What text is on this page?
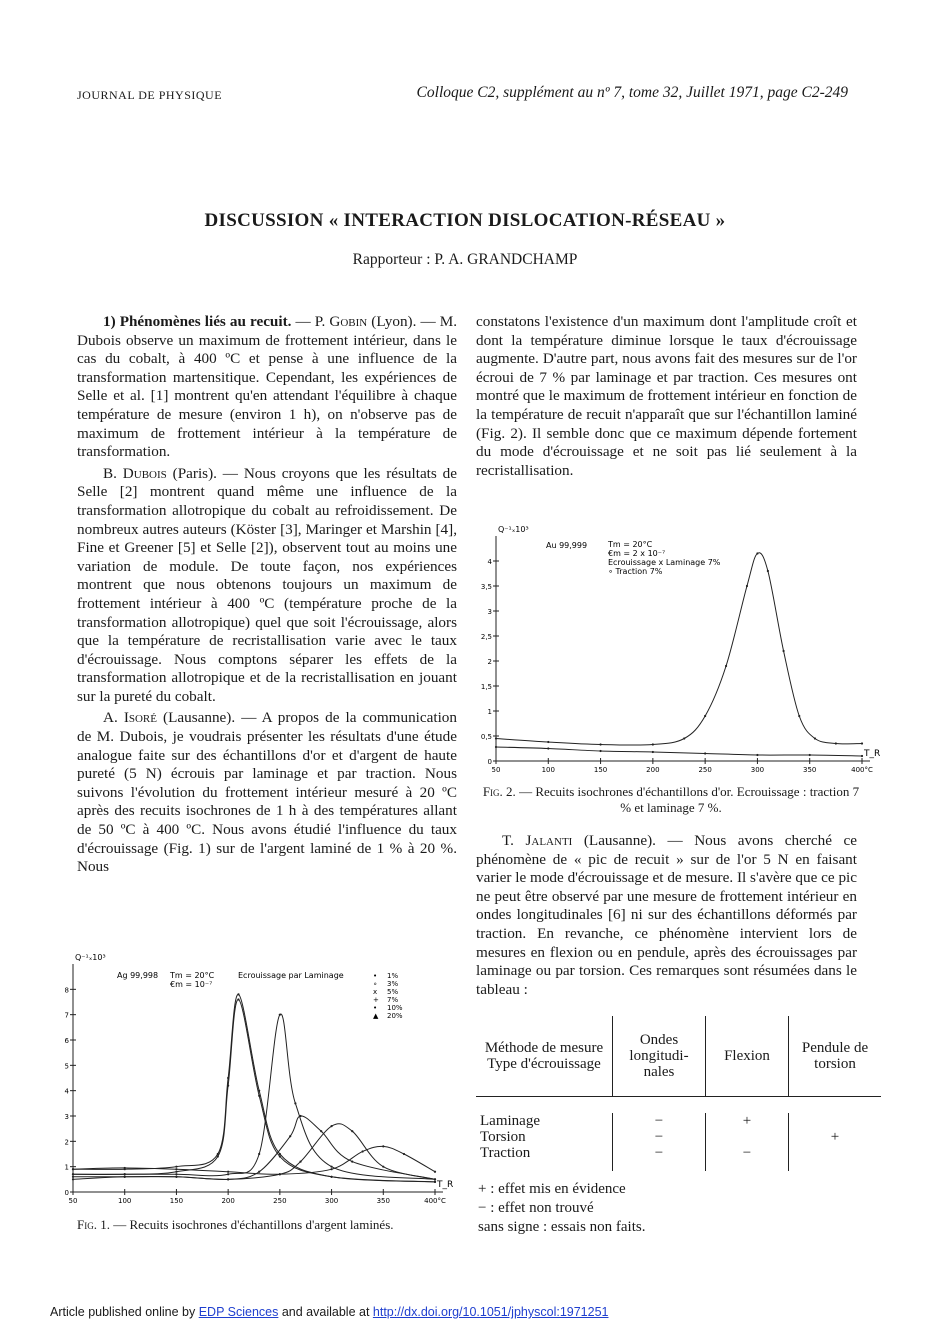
JOURNAL DE PHYSIQUE	Colloque C2, supplément au nº 7, tome 32, Juillet 1971, page C2-249
DISCUSSION « INTERACTION DISLOCATION-RÉSEAU »
Rapporteur : P. A. GRANDCHAMP

1) Phénomènes liés au recuit. — P. Gobin (Lyon). — M. Dubois observe un maximum de frottement intérieur, dans le cas du cobalt, à 400 ºC et pense à une influence de la transformation martensitique. Cependant, les expériences de Selle et al. [1] montrent qu'en attendant l'équilibre à chaque température de mesure (environ 1 h), on n'observe pas de maximum de frottement intérieur à la température de transformation.

B. Dubois (Paris). — Nous croyons que les résultats de Selle [2] montrent quand même une influence de la transformation allotropique du cobalt au refroidissement. De nombreux autres auteurs (Köster [3], Maringer et Marshin [4], Fine et Greener [5] et Selle [2]), observent tout au moins une variation de module. De toute façon, nos expériences montrent que nous obtenons toujours un maximum de frottement intérieur à 400 ºC (température proche de la transformation allotropique) quel que soit l'écrouissage, alors que la température de recristallisation varie avec le taux d'écrouissage. Nous comptons séparer les effets de la transformation allotropique et de la recristallisation en jouant sur la pureté du cobalt.

A. Isoré (Lausanne). — A propos de la communication de M. Dubois, je voudrais présenter les résultats d'une étude analogue faite sur des échantillons d'or et d'argent de haute pureté (5 N) écrouis par laminage et par traction. Nous suivons l'évolution du frottement intérieur mesuré à 20 ºC après des recuits isochrones de 1 h à des températures allant de 50 ºC à 400 ºC. Nous avons étudié l'influence du taux d'écrouissage (Fig. 1) sur de l'argent laminé de 1 % à 20 %. Nous

constatons l'existence d'un maximum dont l'amplitude croît et dont la température diminue lorsque le taux d'écrouissage augmente. D'autre part, nous avons fait des mesures sur de l'or écroui de 7 % par laminage et par traction. Ces mesures ont montré que le maximum de frottement intérieur en fonction de la température de recuit n'apparaît que sur l'échantillon laminé (Fig. 2). Il semble donc que ce maximum dépende fortement du mode d'écrouissage et ne soit pas lié seulement à la recristallisation.

Q⁻¹ₓ10³
Au 99,999	Tm = 20°C
€m = 2 x 10⁻⁷
Ecrouissage x Laminage 7%
∘ Traction 7%
T_R
0
0,5
1
1,5
2
2,5
3
3,5
4
50	100	150	200	250	300	350	400°C
Fig. 2. — Recuits isochrones d'échantillons d'or. Ecrouissage : traction 7 % et laminage 7 %.

T. Jalanti (Lausanne). — Nous avons cherché ce phénomène de « pic de recuit » sur de l'or 5 N en faisant varier le mode d'écrouissage et de mesure. Il s'avère que ce pic ne peut être observé par une mesure de frottement intérieur en ondes longitudinales [6] ni sur des échantillons déformés par traction. En revanche, ce phénomène intervient lors de mesures en flexion ou en pendule, après des écrouissages par laminage ou par torsion. Ces remarques sont résumées dans le tableau :

Méthode de mesure Type d'écrouissage	Ondes longitudi-nales	Flexion	Pendule de torsion

Laminage	−	+	
Torsion	−		+
Traction	−	−	

+ : effet mis en évidence
− : effet non trouvé
sans signe : essais non faits.
Q⁻¹ₓ10³
Ag 99,998 Tm = 20°C
€m = 10⁻⁷
Ecrouissage par Laminage	• 1%
∘ 3%
x 5%
+ 7%
• 10%
▲ 20%
T_R
0
1
2
3
4
5
6
7
8
50	100	150	200	250	300	350	400°C
Fig. 1. — Recuits isochrones d'échantillons d'argent laminés.
Article published online by EDP Sciences and available at http://dx.doi.org/10.1051/jphyscol:1971251
